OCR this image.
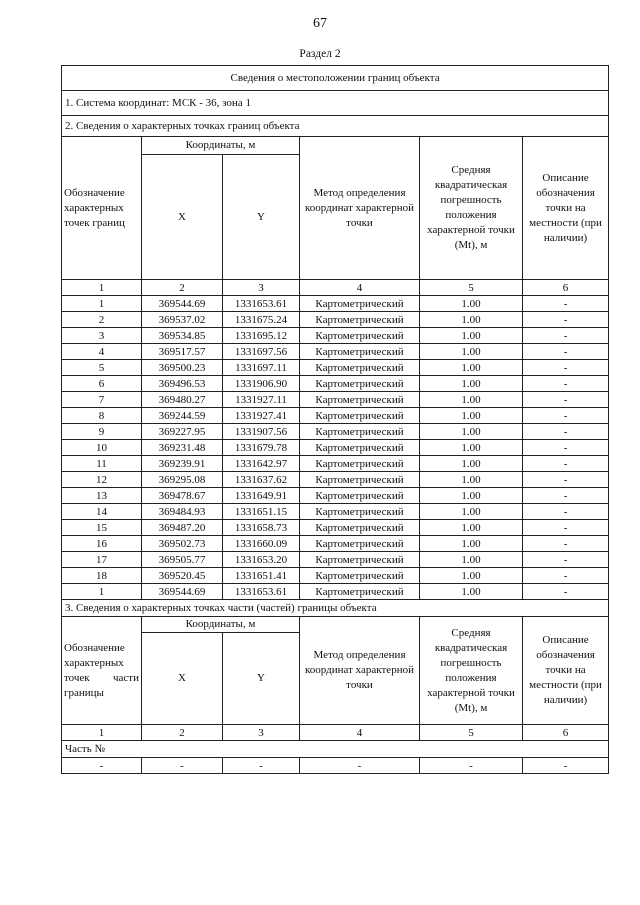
67
Раздел 2
Сведения о местоположении границ объекта					
1. Система координат: МСК - 36, зона 1					
2. Сведения о характерных точках границ объекта					
Обозначение характерных точек границ	Координаты, м		Метод определения координат характерной точки	Средняя квадратическая погрешность положения характерной точки (Mt), м	Описание обозначения точки на местности (при наличии)
	X	Y			
1	2	3	4	5	6
1	369544.69	1331653.61	Картометрический	1.00	-
2	369537.02	1331675.24	Картометрический	1.00	-
3	369534.85	1331695.12	Картометрический	1.00	-
4	369517.57	1331697.56	Картометрический	1.00	-
5	369500.23	1331697.11	Картометрический	1.00	-
6	369496.53	1331906.90	Картометрический	1.00	-
7	369480.27	1331927.11	Картометрический	1.00	-
8	369244.59	1331927.41	Картометрический	1.00	-
9	369227.95	1331907.56	Картометрический	1.00	-
10	369231.48	1331679.78	Картометрический	1.00	-
11	369239.91	1331642.97	Картометрический	1.00	-
12	369295.08	1331637.62	Картометрический	1.00	-
13	369478.67	1331649.91	Картометрический	1.00	-
14	369484.93	1331651.15	Картометрический	1.00	-
15	369487.20	1331658.73	Картометрический	1.00	-
16	369502.73	1331660.09	Картометрический	1.00	-
17	369505.77	1331653.20	Картометрический	1.00	-
18	369520.45	1331651.41	Картометрический	1.00	-
1	369544.69	1331653.61	Картометрический	1.00	-
3. Сведения о характерных точках части (частей) границы объекта					
Обозначение характерных точек части границы	Координаты, м		Метод определения координат характерной точки	Средняя квадратическая погрешность положения характерной точки (Mt), м	Описание обозначения точки на местности (при наличии)
	X	Y			
1	2	3	4	5	6
Часть №					
-	-	-	-	-	-
